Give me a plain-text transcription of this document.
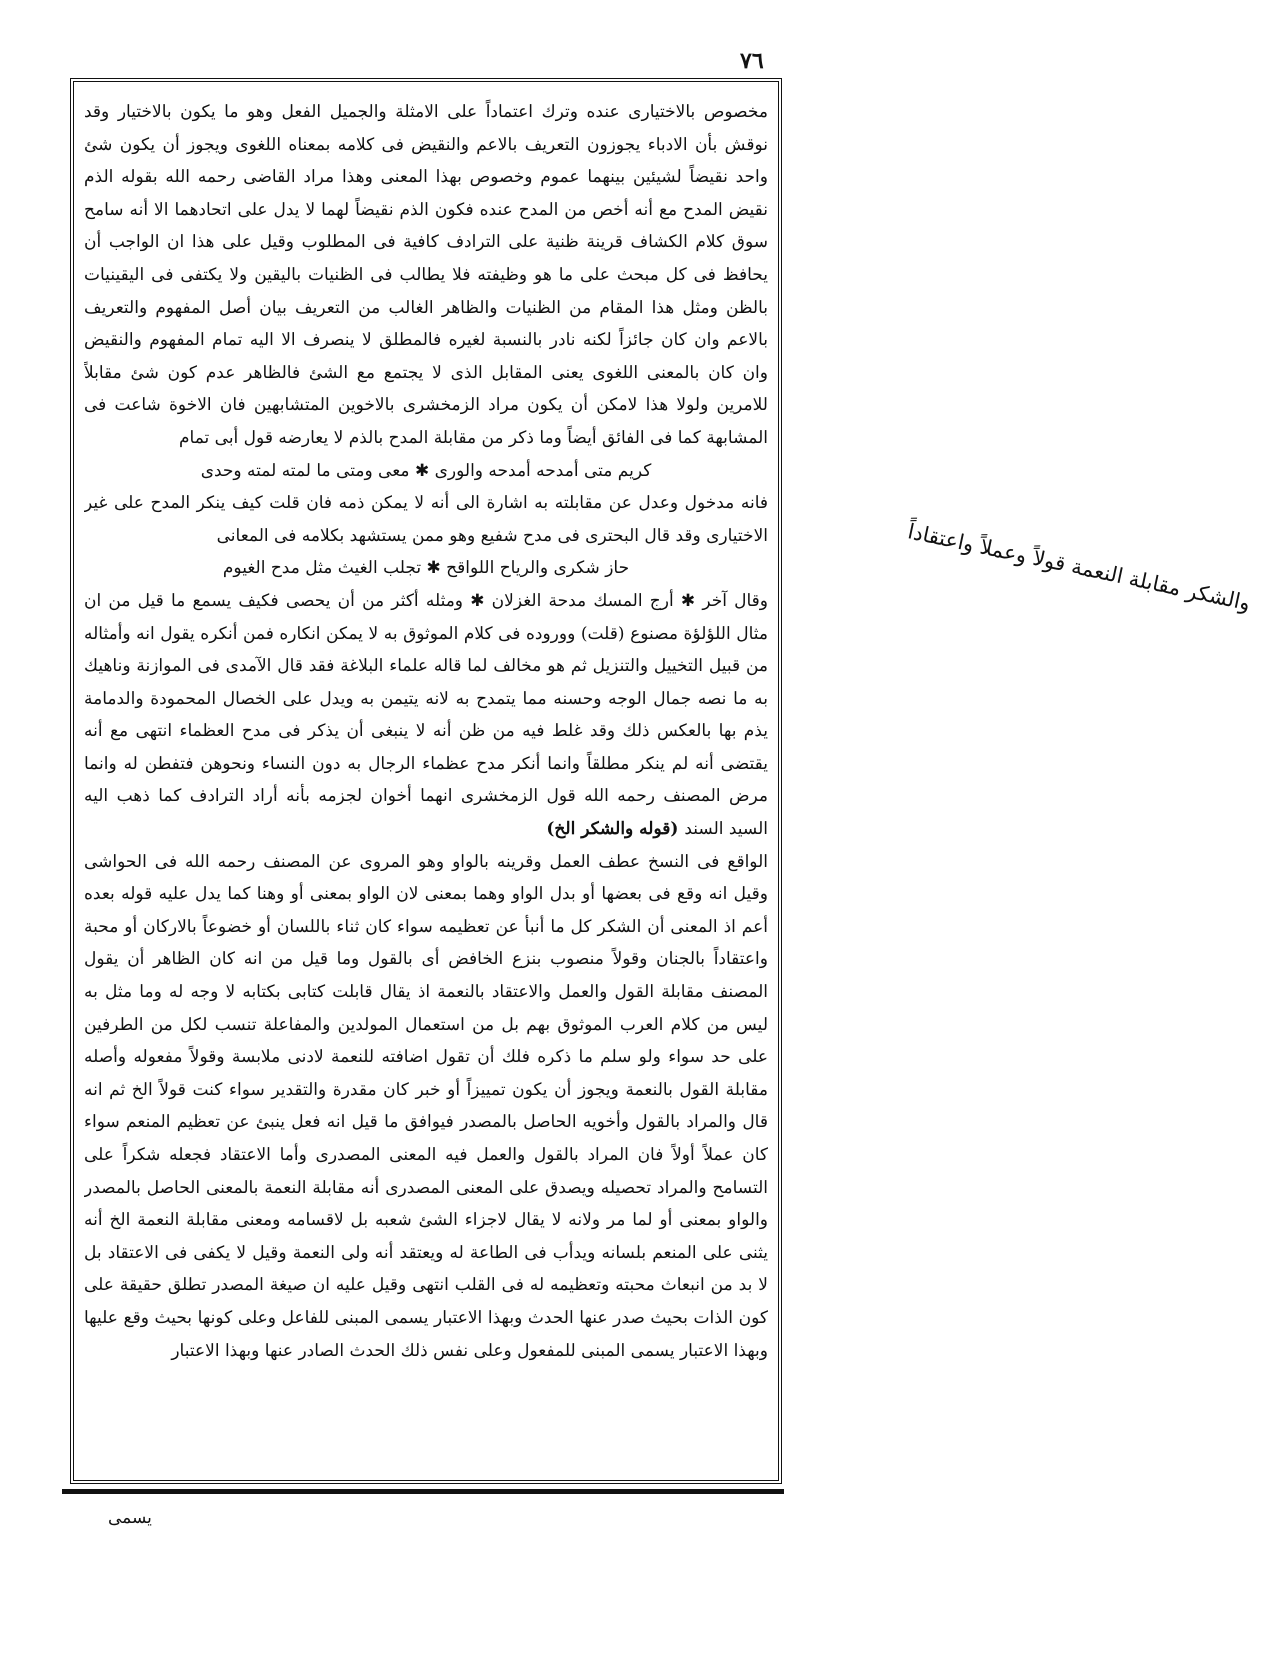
٧٦

مخصوص بالاختيارى عنده وترك اعتماداً على الامثلة والجميل الفعل وهو ما يكون بالاختيار وقد نوقش بأن الادباء يجوزون التعريف بالاعم والنقيض فى كلامه بمعناه اللغوى ويجوز أن يكون شئ واحد نقيضاً لشيئين بينهما عموم وخصوص بهذا المعنى وهذا مراد القاضى رحمه الله بقوله الذم نقيض المدح مع أنه أخص من المدح عنده فكون الذم نقيضاً لهما لا يدل على اتحادهما الا أنه سامح سوق كلام الكشاف قرينة ظنية على الترادف كافية فى المطلوب وقيل على هذا ان الواجب أن يحافظ فى كل مبحث على ما هو وظيفته فلا يطالب فى الظنيات باليقين ولا يكتفى فى اليقينيات بالظن ومثل هذا المقام من الظنيات والظاهر الغالب من التعريف بيان أصل المفهوم والتعريف بالاعم وان كان جائزاً لكنه نادر بالنسبة لغيره فالمطلق لا ينصرف الا اليه تمام المفهوم والنقيض وان كان بالمعنى اللغوى يعنى المقابل الذى لا يجتمع مع الشئ فالظاهر عدم كون شئ مقابلاً للامرين ولولا هذا لامكن أن يكون مراد الزمخشرى بالاخوين المتشابهين فان الاخوة شاعت فى المشابهة كما فى الفائق أيضاً وما ذكر من مقابلة المدح بالذم لا يعارضه قول أبى تمام

كريم متى أمدحه أمدحه والورى ✱ معى ومتى ما لمته لمته وحدى

فانه مدخول وعدل عن مقابلته به اشارة الى أنه لا يمكن ذمه فان قلت كيف ينكر المدح على غير الاختيارى وقد قال البحترى فى مدح شفيع وهو ممن يستشهد بكلامه فى المعانى

حاز شكرى والرياح اللواقح ✱ تجلب الغيث مثل مدح الغيوم

وقال آخر ✱ أرج المسك مدحة الغزلان ✱ ومثله أكثر من أن يحصى فكيف يسمع ما قيل من ان مثال اللؤلؤة مصنوع (قلت) ووروده فى كلام الموثوق به لا يمكن انكاره فمن أنكره يقول انه وأمثاله من قبيل التخييل والتنزيل ثم هو مخالف لما قاله علماء البلاغة فقد قال الآمدى فى الموازنة وناهيك به ما نصه جمال الوجه وحسنه مما يتمدح به لانه يتيمن به ويدل على الخصال المحمودة والدمامة يذم بها بالعكس ذلك وقد غلط فيه من ظن أنه لا ينبغى أن يذكر فى مدح العظماء انتهى مع أنه يقتضى أنه لم ينكر مطلقاً وانما أنكر مدح عظماء الرجال به دون النساء ونحوهن فتفطن له وانما مرض المصنف رحمه الله قول الزمخشرى انهما أخوان لجزمه بأنه أراد الترادف كما ذهب اليه السيد السند (قوله والشكر الخ)

الواقع فى النسخ عطف العمل وقرينه بالواو وهو المروى عن المصنف رحمه الله فى الحواشى وقيل انه وقع فى بعضها أو بدل الواو وهما بمعنى لان الواو بمعنى أو وهنا كما يدل عليه قوله بعده أعم اذ المعنى أن الشكر كل ما أنبأ عن تعظيمه سواء كان ثناء باللسان أو خضوعاً بالاركان أو محبة واعتقاداً بالجنان وقولاً منصوب بنزع الخافض أى بالقول وما قيل من انه كان الظاهر أن يقول المصنف مقابلة القول والعمل والاعتقاد بالنعمة اذ يقال قابلت كتابى بكتابه لا وجه له وما مثل به ليس من كلام العرب الموثوق بهم بل من استعمال المولدين والمفاعلة تنسب لكل من الطرفين على حد سواء ولو سلم ما ذكره فلك أن تقول اضافته للنعمة لادنى ملابسة وقولاً مفعوله وأصله مقابلة القول بالنعمة ويجوز أن يكون تمييزاً أو خبر كان مقدرة والتقدير سواء كنت قولاً الخ ثم انه قال والمراد بالقول وأخويه الحاصل بالمصدر فيوافق ما قيل انه فعل ينبئ عن تعظيم المنعم سواء كان عملاً أولاً فان المراد بالقول والعمل فيه المعنى المصدرى وأما الاعتقاد فجعله شكراً على التسامح والمراد تحصيله ويصدق على المعنى المصدرى أنه مقابلة النعمة بالمعنى الحاصل بالمصدر والواو بمعنى أو لما مر ولانه لا يقال لاجزاء الشئ شعبه بل لاقسامه ومعنى مقابلة النعمة الخ أنه يثنى على المنعم بلسانه ويدأب فى الطاعة له ويعتقد أنه ولى النعمة وقيل لا يكفى فى الاعتقاد بل لا بد من انبعاث محبته وتعظيمه له فى القلب انتهى وقيل عليه ان صيغة المصدر تطلق حقيقة على كون الذات بحيث صدر عنها الحدث وبهذا الاعتبار يسمى المبنى للفاعل وعلى كونها بحيث وقع عليها وبهذا الاعتبار يسمى المبنى للمفعول وعلى نفس ذلك الحدث الصادر عنها وبهذا الاعتبار

والشكر مقابلة النعمة قولاً وعملاً واعتقاداً
يسمى
